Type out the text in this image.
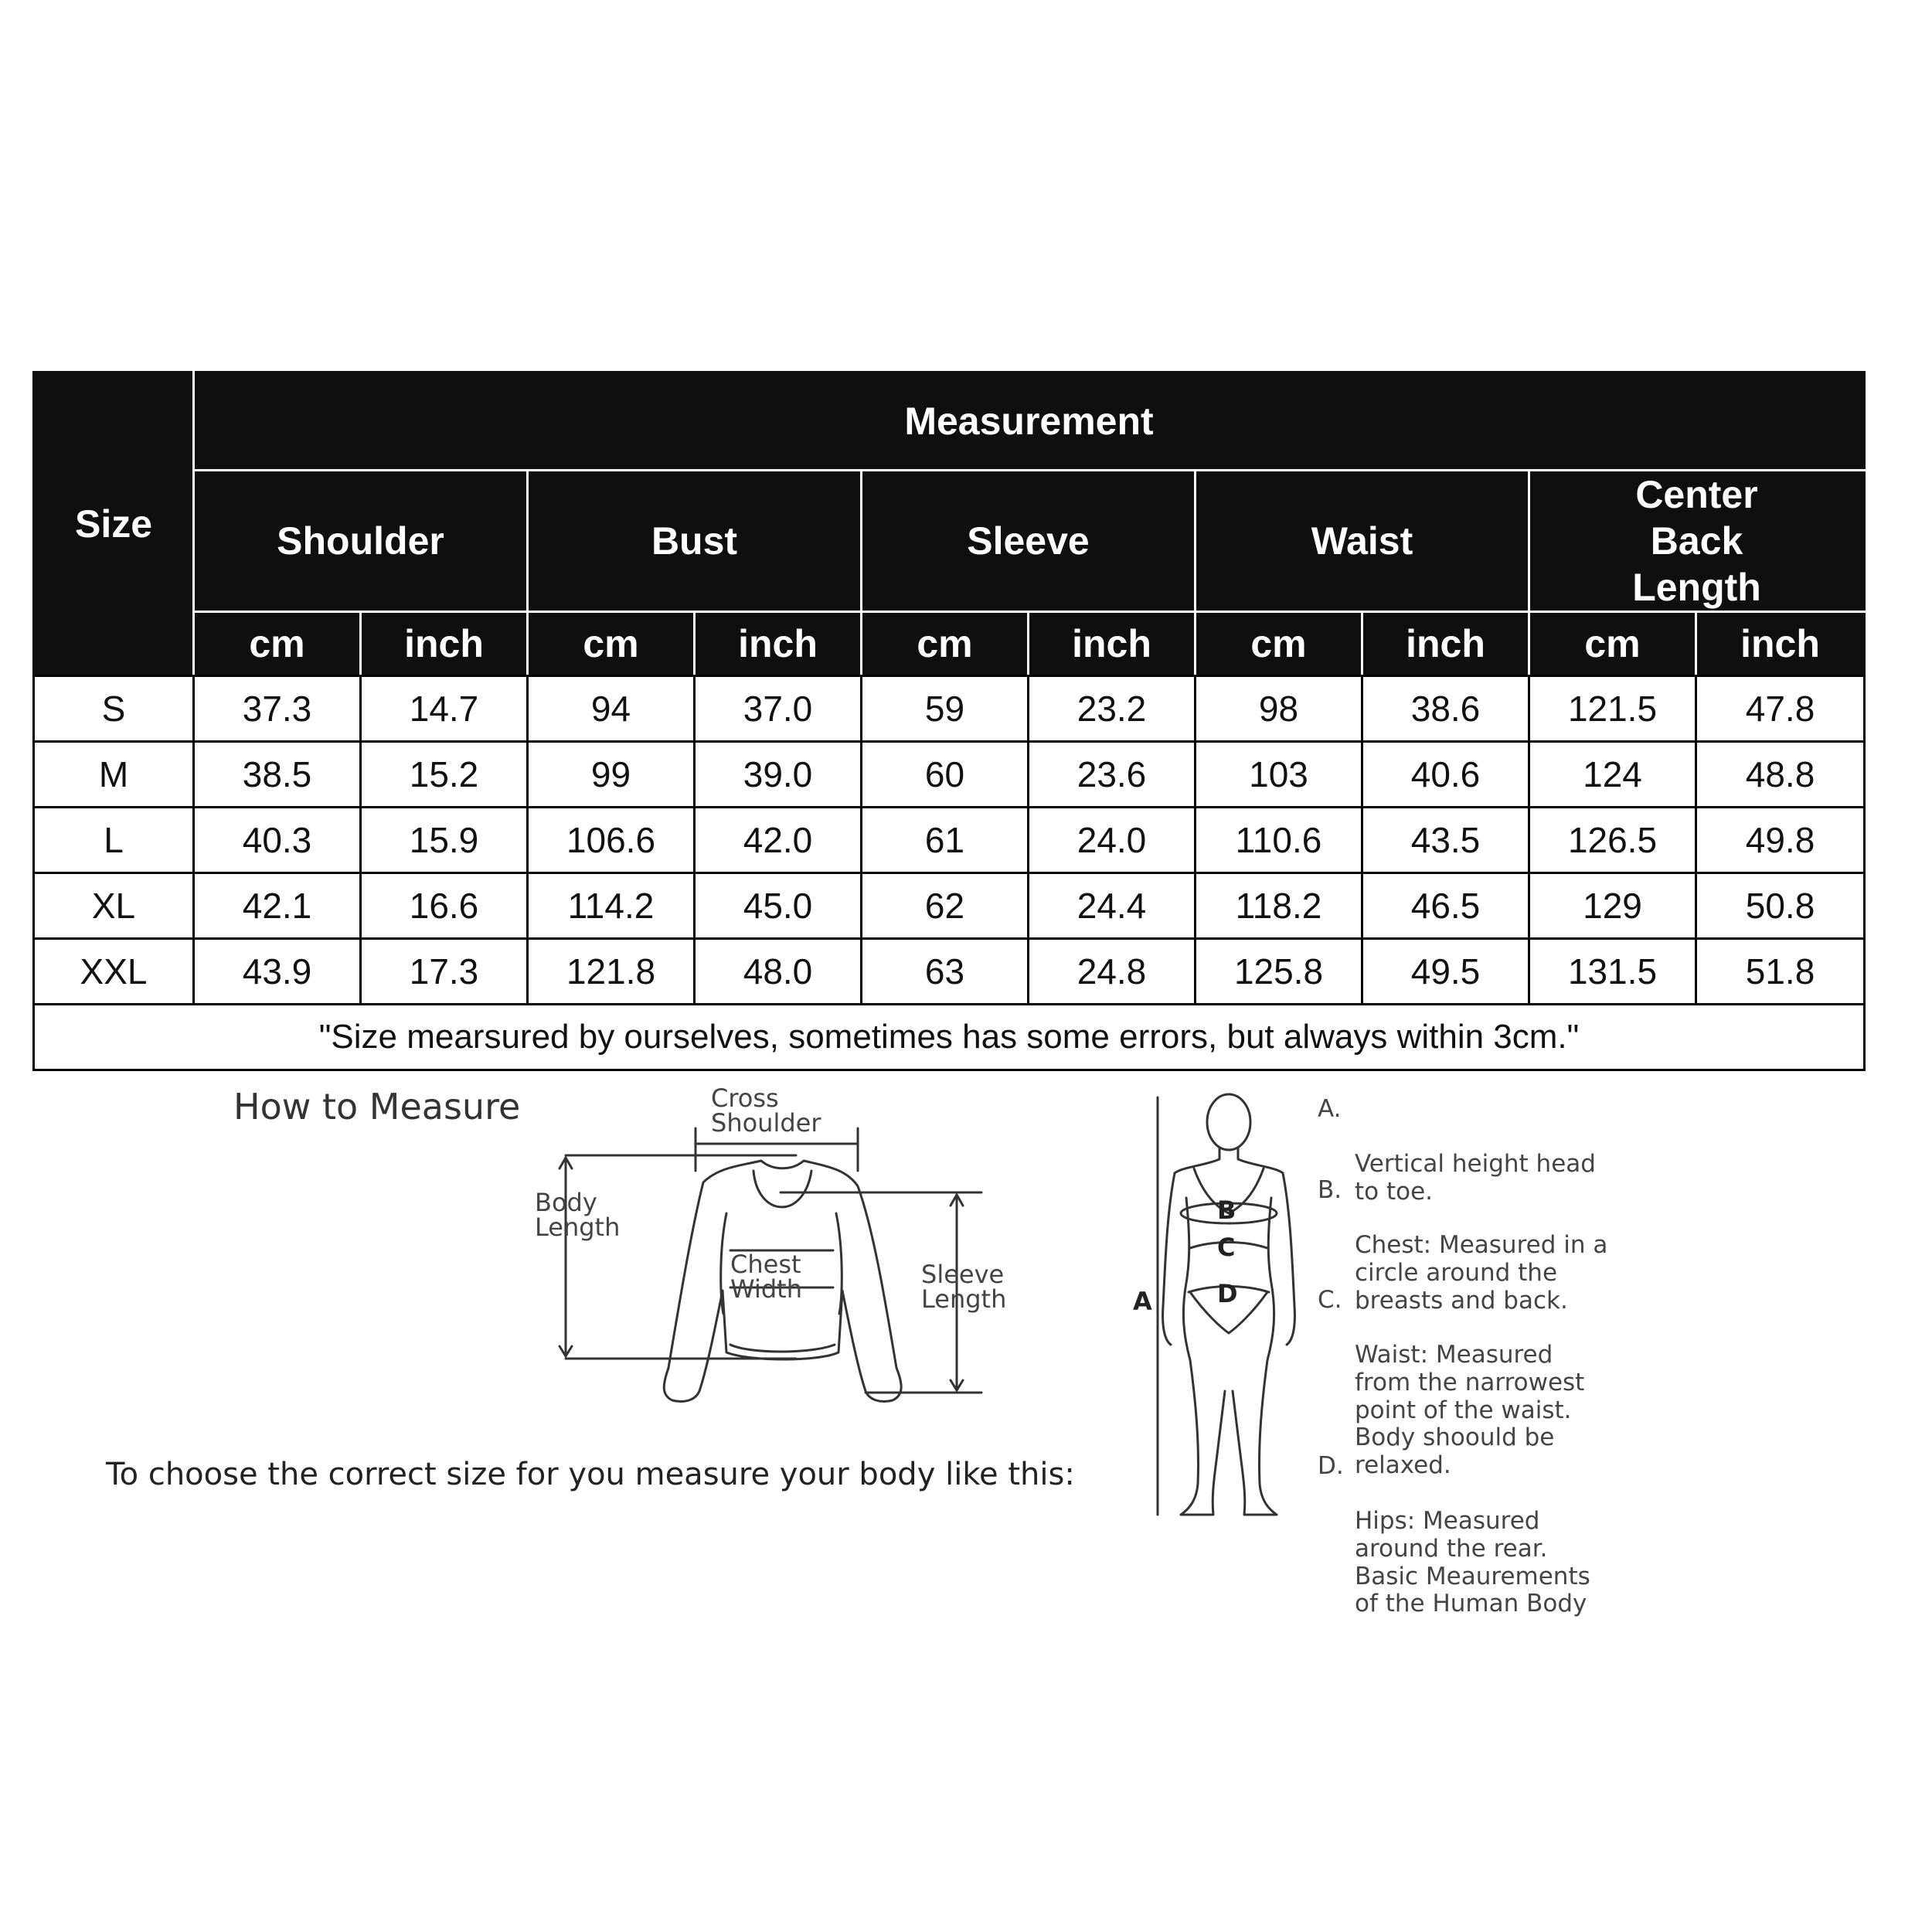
Size	Measurement									
	Shoulder		Bust		Sleeve		Waist		Center Back Length	
	cm	inch	cm	inch	cm	inch	cm	inch	cm	inch
S	37.3	14.7	94	37.0	59	23.2	98	38.6	121.5	47.8
M	38.5	15.2	99	39.0	60	23.6	103	40.6	124	48.8
L	40.3	15.9	106.6	42.0	61	24.0	110.6	43.5	126.5	49.8
XL	42.1	16.6	114.2	45.0	62	24.4	118.2	46.5	129	50.8
XXL	43.9	17.3	121.8	48.0	63	24.8	125.8	49.5	131.5	51.8
"Size mearsured by ourselves, sometimes has some errors, but always within 3cm."										
How to Measure
To choose the correct size for you measure your body like this:
Cross
Shoulder
Body
Length
Chest
Width	Sleeve
Length
B
C
D
A

A.

Vertical height head
to toe.

B.

Chest: Measured in a
circle around the
breasts and back.

C.

Waist: Measured
from the narrowest
point of the waist.
Body shoould be
relaxed.

D.

Hips: Measured
around the rear.
Basic Meaurements
of the Human Body
